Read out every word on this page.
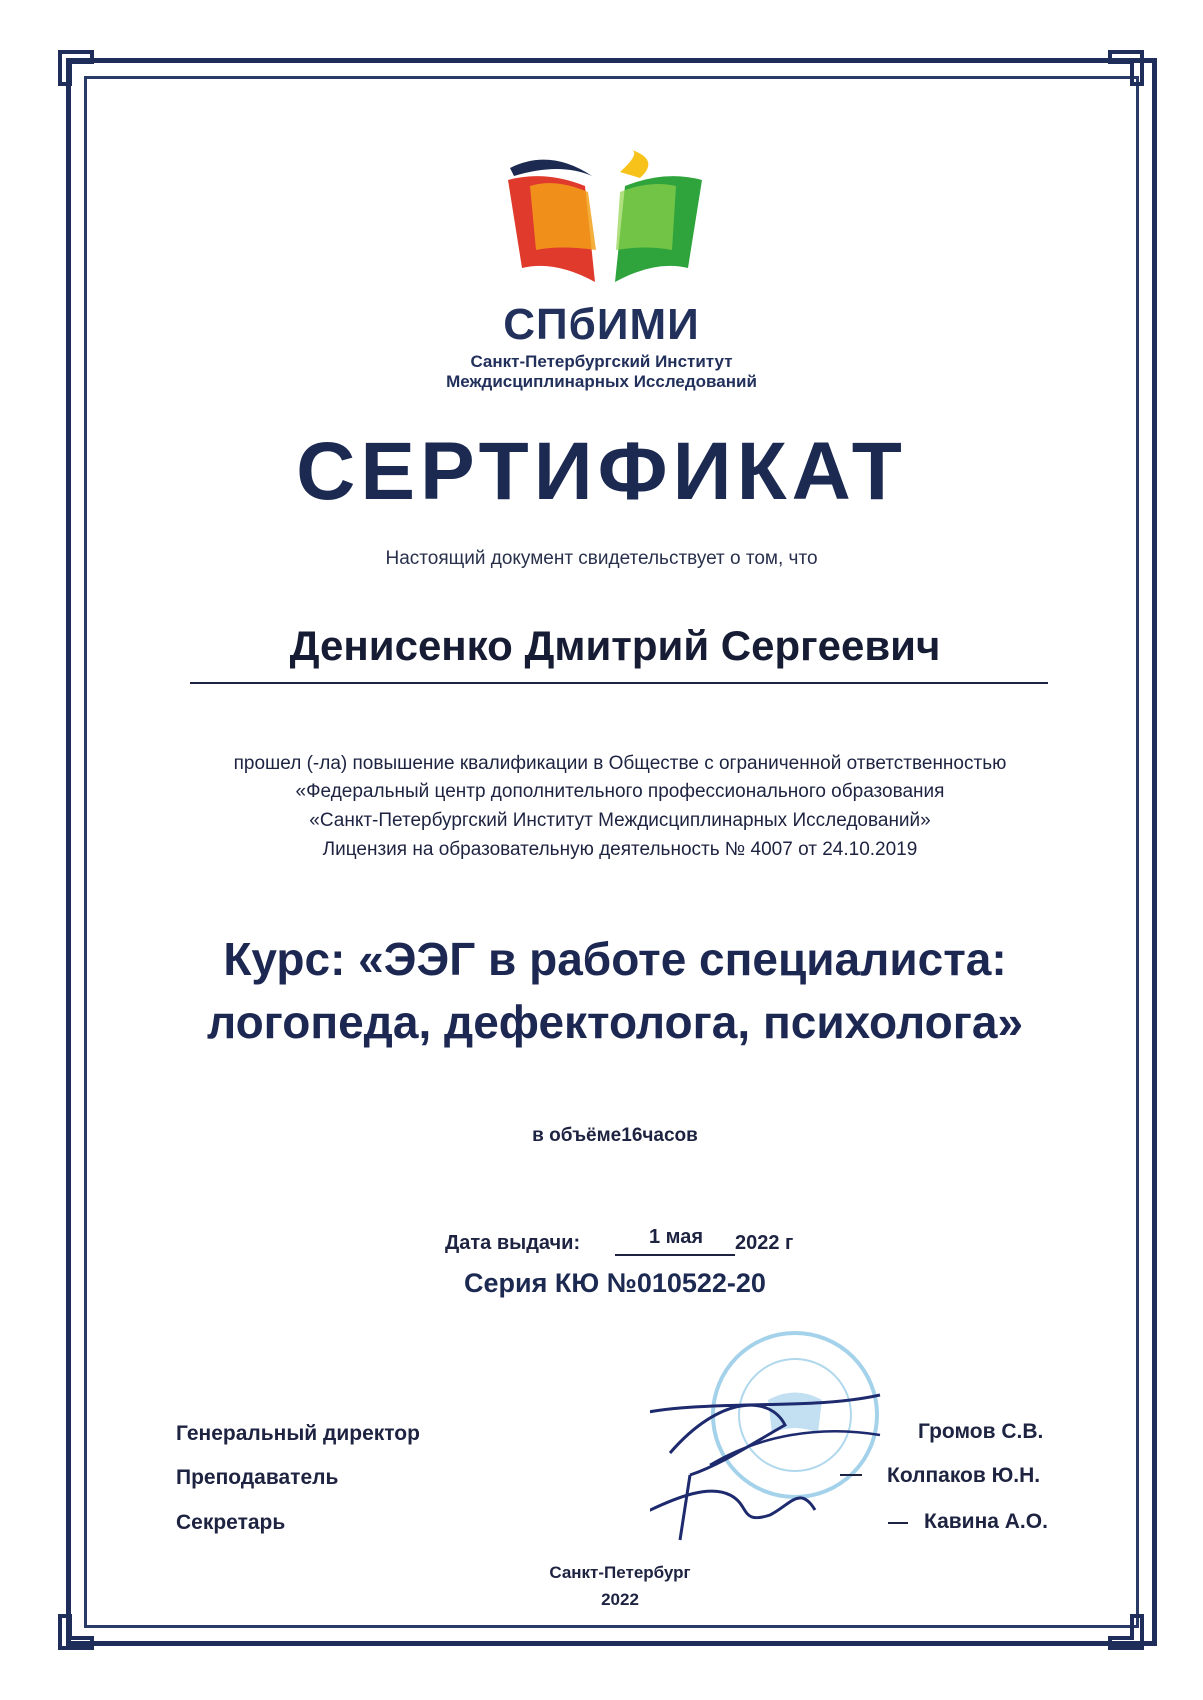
СПбИМИ
Санкт-Петербургский Институт
Междисциплинарных Исследований
СЕРТИФИКАТ
Настоящий документ свидетельствует о том, что
Денисенко Дмитрий Сергеевич
прошел (-ла) повышение квалификации в Обществе с ограниченной ответственностью
«Федеральный центр дополнительного профессионального образования
«Санкт-Петербургский Институт Междисциплинарных Исследований»
Лицензия на образовательную деятельность № 4007 от 24.10.2019
Курс: «ЭЭГ в работе специалиста:
логопеда, дефектолога, психолога»
в объёме16часов
Дата выдачи:	1 мая	2022 г
Серия КЮ №010522-20
Генеральный директор
Преподаватель
Секретарь
Громов С.В.
Колпаков Ю.Н.
Кавина А.О.
Санкт-Петербург
2022
